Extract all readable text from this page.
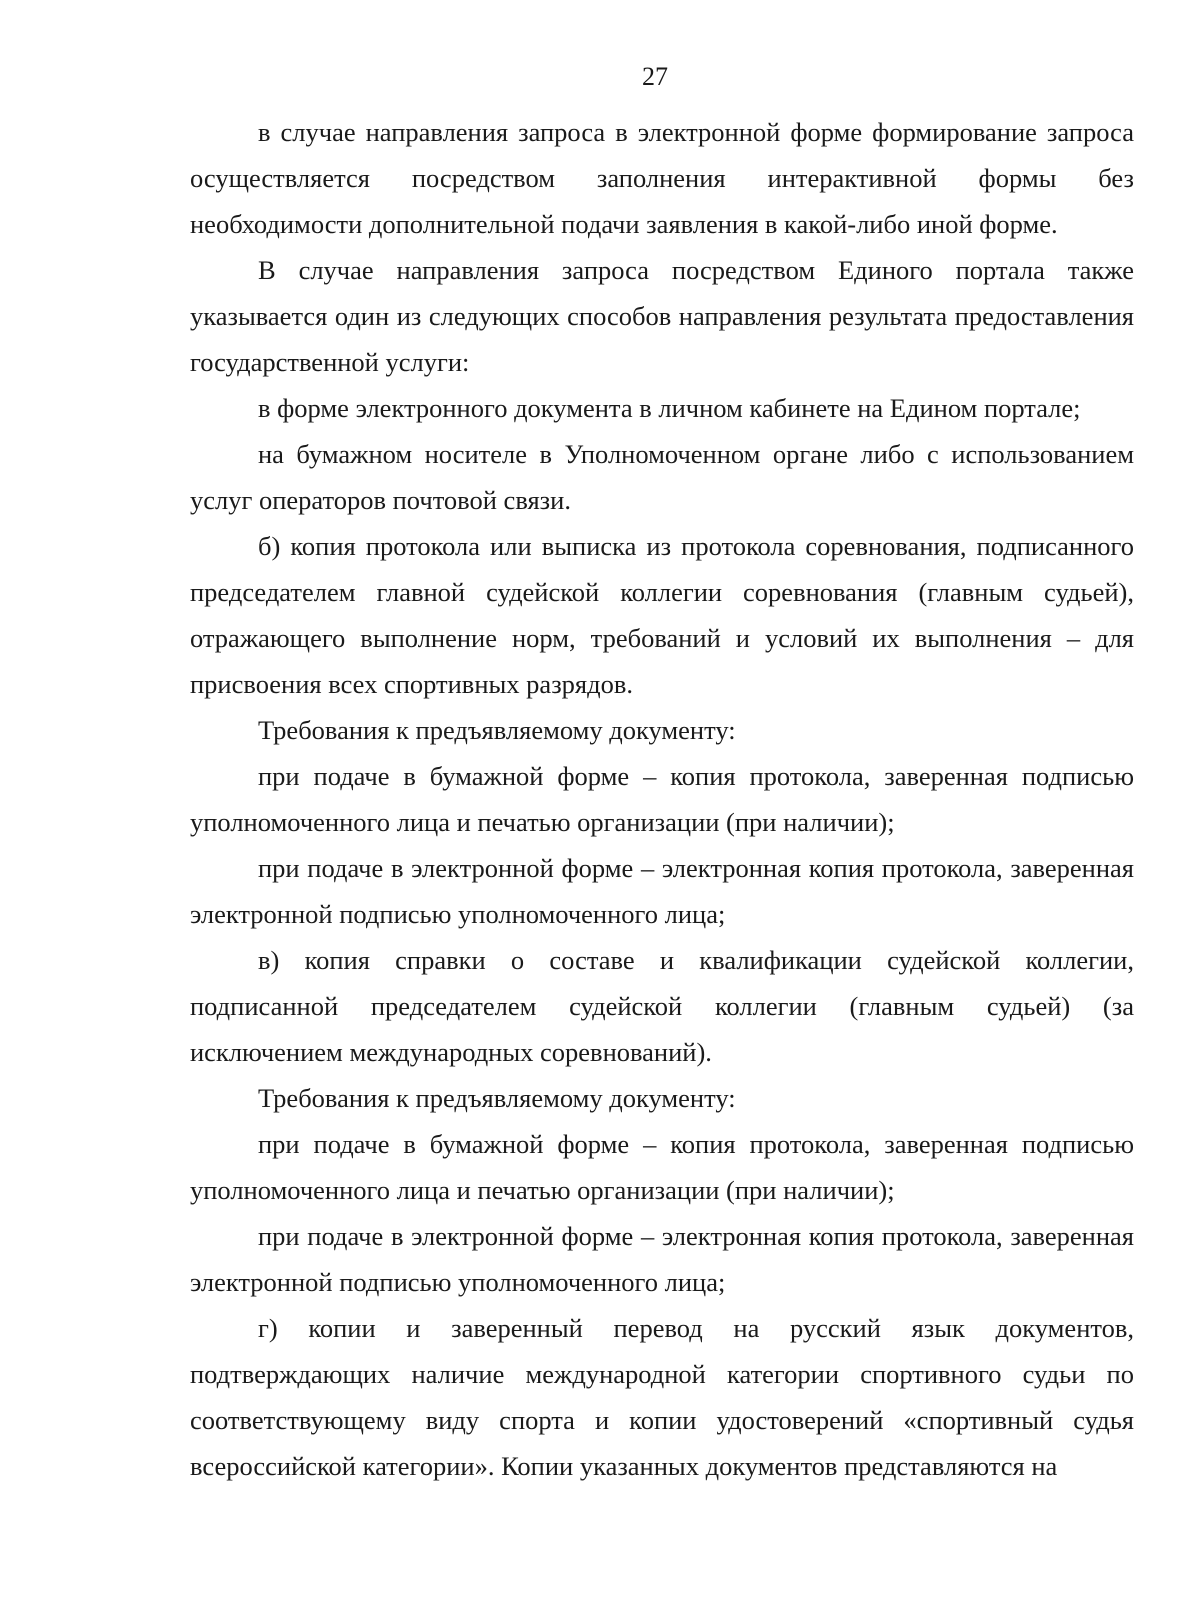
27

в случае направления запроса в электронной форме формирование запроса осуществляется посредством заполнения интерактивной формы без необходимости дополнительной подачи заявления в какой-либо иной форме.

В случае направления запроса посредством Единого портала также указывается один из следующих способов направления результата предоставления государственной услуги:

в форме электронного документа в личном кабинете на Едином портале;

на бумажном носителе в Уполномоченном органе либо с использованием услуг операторов почтовой связи.

б) копия протокола или выписка из протокола соревнования, подписанного председателем главной судейской коллегии соревнования (главным судьей), отражающего выполнение норм, требований и условий их выполнения – для присвоения всех спортивных разрядов.

Требования к предъявляемому документу:

при подаче в бумажной форме – копия протокола, заверенная подписью уполномоченного лица и печатью организации (при наличии);

при подаче в электронной форме – электронная копия протокола, заверенная электронной подписью уполномоченного лица;

в) копия справки о составе и квалификации судейской коллегии, подписанной председателем судейской коллегии (главным судьей) (за исключением международных соревнований).

Требования к предъявляемому документу:

при подаче в бумажной форме – копия протокола, заверенная подписью уполномоченного лица и печатью организации (при наличии);

при подаче в электронной форме – электронная копия протокола, заверенная электронной подписью уполномоченного лица;

г) копии и заверенный перевод на русский язык документов, подтверждающих наличие международной категории спортивного судьи по соответствующему виду спорта и копии удостоверений «спортивный судья всероссийской категории». Копии указанных документов представляются на
